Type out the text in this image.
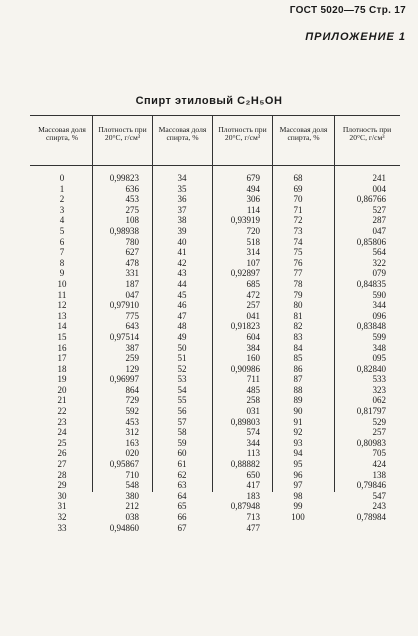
ГОСТ 5020—75 Стр. 17
ПРИЛОЖЕНИЕ 1
Спирт этиловый C₂H₅OH
Массовая доля спирта, %
Плотность при 20°С, г/см³
Массовая доля спирта, %
Плотность при 20°С, г/см³
Массовая доля спирта, %
Плотность при 20°С, г/см³
0
1
2
3
4
5
6
7
8
9
10
11
12
13
14
15
16
17
18
19
20
21
22
23
24
25
26
27
28
29
30
31
32
33
0,99823
636
453
275
108
0,98938
780
627
478
331
187
047
0,97910
775
643
0,97514
387
259
129
0,96997
864
729
592
453
312
163
020
0,95867
710
548
380
212
038
0,94860
34
35
36
37
38
39
40
41
42
43
44
45
46
47
48
49
50
51
52
53
54
55
56
57
58
59
60
61
62
63
64
65
66
67
679
494
306
114
0,93919
720
518
314
107
0,92897
685
472
257
041
0,91823
604
384
160
0,90986
711
485
258
031
0,89803
574
344
113
0,88882
650
417
183
0,87948
713
477
68
69
70
71
72
73
74
75
76
77
78
79
80
81
82
83
84
85
86
87
88
89
90
91
92
93
94
95
96
97
98
99
100
241
004
0,86766
527
287
047
0,85806
564
322
079
0,84835
590
344
096
0,83848
599
348
095
0,82840
533
323
062
0,81797
529
257
0,80983
705
424
138
0,79846
547
243
0,78984
